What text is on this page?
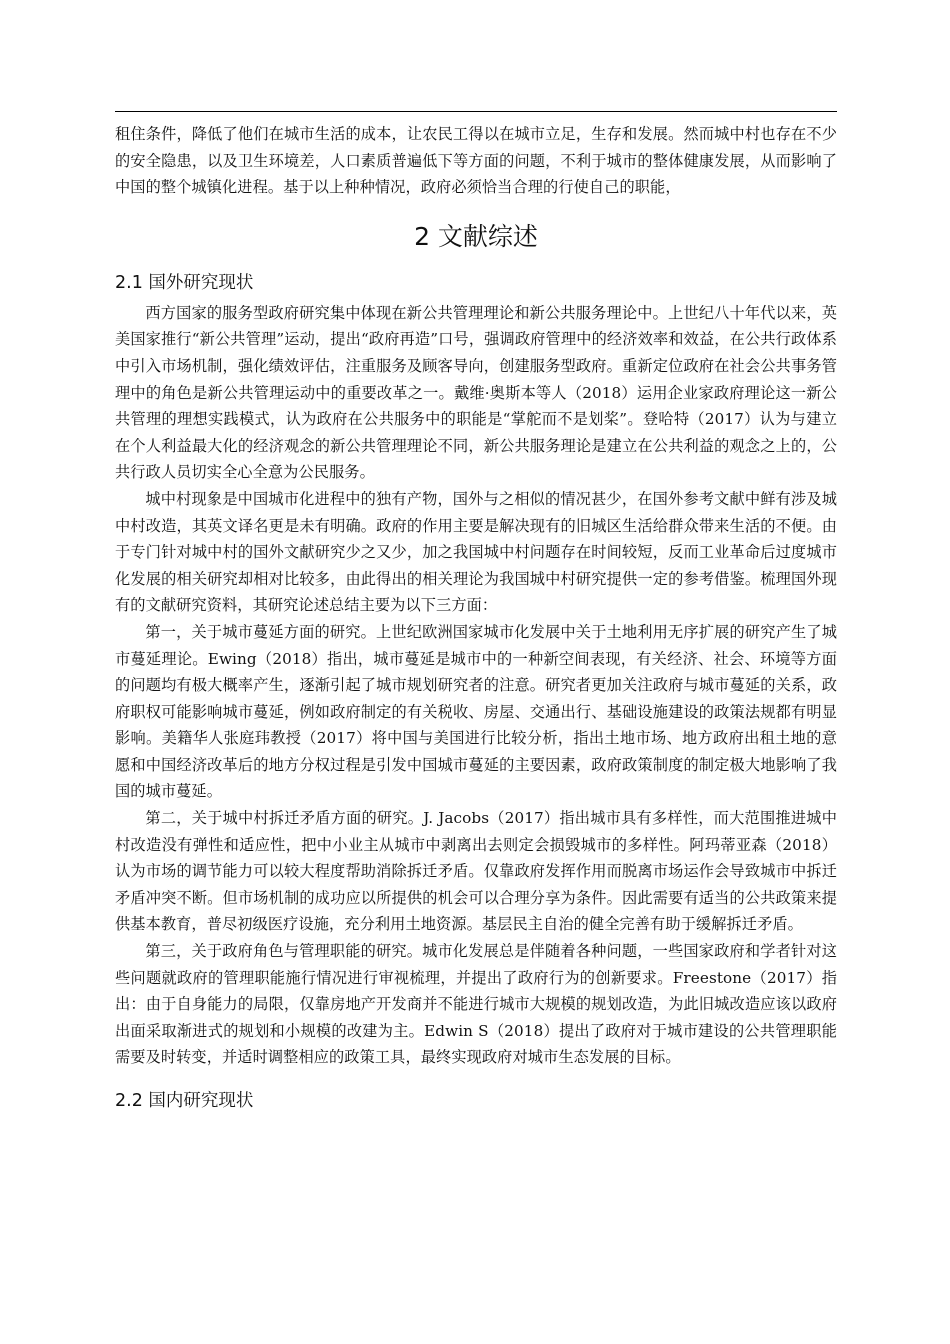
租住条件，降低了他们在城市生活的成本，让农民工得以在城市立足，生存和发展。然而城中村也存在不少的安全隐患，以及卫生环境差，人口素质普遍低下等方面的问题，不利于城市的整体健康发展，从而影响了中国的整个城镇化进程。基于以上种种情况，政府必须恰当合理的行使自己的职能，

2 文献综述
2.1 国外研究现状

西方国家的服务型政府研究集中体现在新公共管理理论和新公共服务理论中。上世纪八十年代以来，英美国家推行“新公共管理”运动，提出“政府再造”口号，强调政府管理中的经济效率和效益，在公共行政体系中引入市场机制，强化绩效评估，注重服务及顾客导向，创建服务型政府。重新定位政府在社会公共事务管理中的角色是新公共管理运动中的重要改革之一。戴维·奥斯本等人（2018）运用企业家政府理论这一新公共管理的理想实践模式，认为政府在公共服务中的职能是“掌舵而不是划桨”。登哈特（2017）认为与建立在个人利益最大化的经济观念的新公共管理理论不同，新公共服务理论是建立在公共利益的观念之上的，公共行政人员切实全心全意为公民服务。

城中村现象是中国城市化进程中的独有产物，国外与之相似的情况甚少，在国外参考文献中鲜有涉及城中村改造，其英文译名更是未有明确。政府的作用主要是解决现有的旧城区生活给群众带来生活的不便。由于专门针对城中村的国外文献研究少之又少，加之我国城中村问题存在时间较短，反而工业革命后过度城市化发展的相关研究却相对比较多，由此得出的相关理论为我国城中村研究提供一定的参考借鉴。梳理国外现有的文献研究资料，其研究论述总结主要为以下三方面：

第一，关于城市蔓延方面的研究。上世纪欧洲国家城市化发展中关于土地利用无序扩展的研究产生了城市蔓延理论。Ewing（2018）指出，城市蔓延是城市中的一种新空间表现，有关经济、社会、环境等方面的问题均有极大概率产生，逐渐引起了城市规划研究者的注意。研究者更加关注政府与城市蔓延的关系，政府职权可能影响城市蔓延，例如政府制定的有关税收、房屋、交通出行、基础设施建设的政策法规都有明显影响。美籍华人张庭玮教授（2017）将中国与美国进行比较分析，指出土地市场、地方政府出租土地的意愿和中国经济改革后的地方分权过程是引发中国城市蔓延的主要因素，政府政策制度的制定极大地影响了我国的城市蔓延。

第二，关于城中村拆迁矛盾方面的研究。J. Jacobs（2017）指出城市具有多样性，而大范围推进城中村改造没有弹性和适应性，把中小业主从城市中剥离出去则定会损毁城市的多样性。阿玛蒂亚森（2018）认为市场的调节能力可以较大程度帮助消除拆迁矛盾。仅靠政府发挥作用而脱离市场运作会导致城市中拆迁矛盾冲突不断。但市场机制的成功应以所提供的机会可以合理分享为条件。因此需要有适当的公共政策来提供基本教育，普尽初级医疗设施，充分利用土地资源。基层民主自治的健全完善有助于缓解拆迁矛盾。

第三，关于政府角色与管理职能的研究。城市化发展总是伴随着各种问题，一些国家政府和学者针对这些问题就政府的管理职能施行情况进行审视梳理，并提出了政府行为的创新要求。Freestone（2017）指出：由于自身能力的局限，仅靠房地产开发商并不能进行城市大规模的规划改造，为此旧城改造应该以政府出面采取渐进式的规划和小规模的改建为主。Edwin S（2018）提出了政府对于城市建设的公共管理职能需要及时转变，并适时调整相应的政策工具，最终实现政府对城市生态发展的目标。

2.2 国内研究现状
